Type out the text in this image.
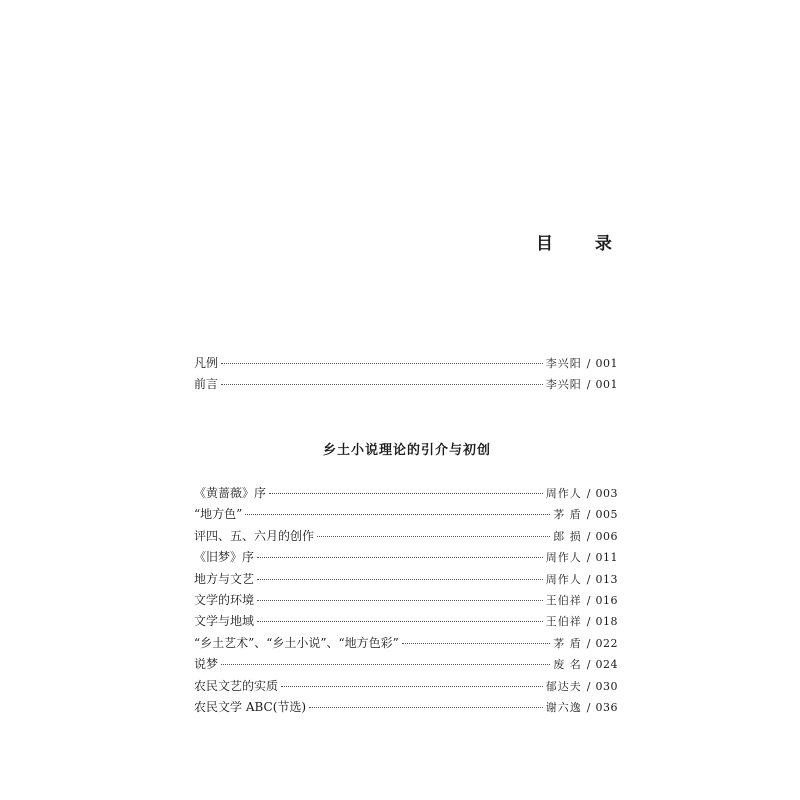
目 录
凡例	李兴阳 / 001
前言	李兴阳 / 001
乡土小说理论的引介与初创
《黄蔷薇》序	周作人 / 003
“地方色”	茅 盾 / 005
评四、五、六月的创作	郎 损 / 006
《旧梦》序	周作人 / 011
地方与文艺	周作人 / 013
文学的环境	王伯祥 / 016
文学与地域	王伯祥 / 018
“乡土艺术”、“乡土小说”、“地方色彩”	茅 盾 / 022
说梦	废 名 / 024
农民文艺的实质	郁达夫 / 030
农民文学 ABC(节选)	谢六逸 / 036
